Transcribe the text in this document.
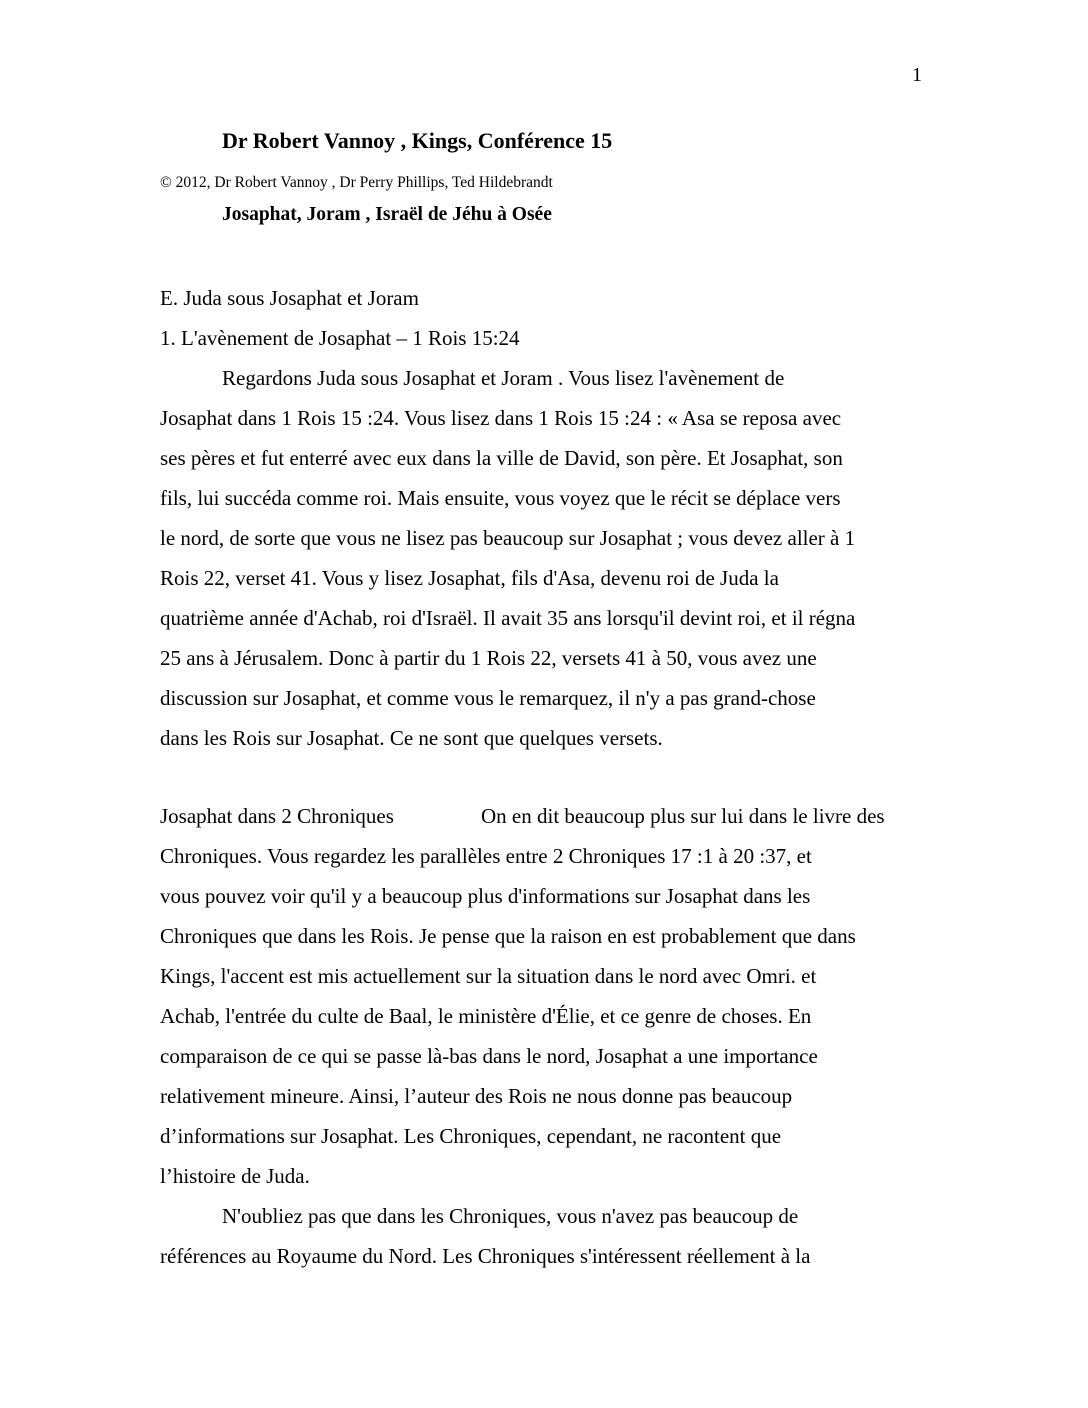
1
Dr Robert Vannoy , Kings, Conférence 15
© 2012, Dr Robert Vannoy , Dr Perry Phillips, Ted Hildebrandt
Josaphat, Joram , Israël de Jéhu à Osée
E. Juda sous Josaphat et Joram
1. L'avènement de Josaphat – 1 Rois 15:24
Regardons Juda sous Josaphat et Joram . Vous lisez l'avènement de
Josaphat dans 1 Rois 15 :24. Vous lisez dans 1 Rois 15 :24 : « Asa se reposa avec
ses pères et fut enterré avec eux dans la ville de David, son père. Et Josaphat, son
fils, lui succéda comme roi. Mais ensuite, vous voyez que le récit se déplace vers
le nord, de sorte que vous ne lisez pas beaucoup sur Josaphat ; vous devez aller à 1
Rois 22, verset 41. Vous y lisez Josaphat, fils d'Asa, devenu roi de Juda la
quatrième année d'Achab, roi d'Israël. Il avait 35 ans lorsqu'il devint roi, et il régna
25 ans à Jérusalem. Donc à partir du 1 Rois 22, versets 41 à 50, vous avez une
discussion sur Josaphat, et comme vous le remarquez, il n'y a pas grand-chose
dans les Rois sur Josaphat. Ce ne sont que quelques versets.
Josaphat dans 2 Chroniques	On en dit beaucoup plus sur lui dans le livre des
Chroniques. Vous regardez les parallèles entre 2 Chroniques 17 :1 à 20 :37, et
vous pouvez voir qu'il y a beaucoup plus d'informations sur Josaphat dans les
Chroniques que dans les Rois. Je pense que la raison en est probablement que dans
Kings, l'accent est mis actuellement sur la situation dans le nord avec Omri. et
Achab, l'entrée du culte de Baal, le ministère d'Élie, et ce genre de choses. En
comparaison de ce qui se passe là-bas dans le nord, Josaphat a une importance
relativement mineure. Ainsi, l’auteur des Rois ne nous donne pas beaucoup
d’informations sur Josaphat. Les Chroniques, cependant, ne racontent que
l’histoire de Juda.
N'oubliez pas que dans les Chroniques, vous n'avez pas beaucoup de
références au Royaume du Nord. Les Chroniques s'intéressent réellement à la
